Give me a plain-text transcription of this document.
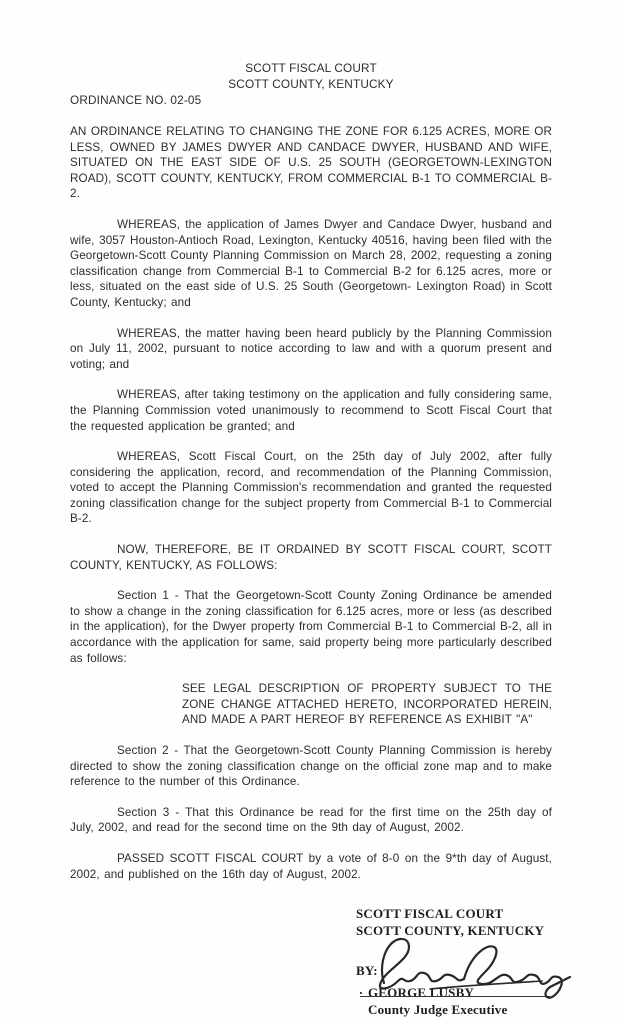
SCOTT FISCAL COURT
SCOTT COUNTY, KENTUCKY
ORDINANCE NO. 02-05

AN ORDINANCE RELATING TO CHANGING THE ZONE FOR 6.125 ACRES, MORE OR LESS, OWNED BY JAMES DWYER AND CANDACE DWYER, HUSBAND AND WIFE, SITUATED ON THE EAST SIDE OF U.S. 25 SOUTH (GEORGETOWN-LEXINGTON ROAD), SCOTT COUNTY, KENTUCKY, FROM COMMERCIAL B-1 TO COMMERCIAL B-2.

WHEREAS, the application of James Dwyer and Candace Dwyer, husband and wife, 3057 Houston-Antioch Road, Lexington, Kentucky 40516, having been filed with the Georgetown-Scott County Planning Commission on March 28, 2002, requesting a zoning classification change from Commercial B-1 to Commercial B-2 for 6.125 acres, more or less, situated on the east side of U.S. 25 South (Georgetown- Lexington Road) in Scott County, Kentucky; and

WHEREAS, the matter having been heard publicly by the Planning Commission on July 11, 2002, pursuant to notice according to law and with a quorum present and voting; and

WHEREAS, after taking testimony on the application and fully considering same, the Planning Commission voted unanimously to recommend to Scott Fiscal Court that the requested application be granted; and

WHEREAS, Scott Fiscal Court, on the 25th day of July 2002, after fully considering the application, record, and recommendation of the Planning Commission, voted to accept the Planning Commission's recommendation and granted the requested zoning classification change for the subject property from Commercial B-1 to Commercial B-2.

NOW, THEREFORE, BE IT ORDAINED BY SCOTT FISCAL COURT, SCOTT COUNTY, KENTUCKY, AS FOLLOWS:

Section 1 - That the Georgetown-Scott County Zoning Ordinance be amended to show a change in the zoning classification for 6.125 acres, more or less (as described in the application), for the Dwyer property from Commercial B-1 to Commercial B-2, all in accordance with the application for same, said property being more particularly described as follows:

SEE LEGAL DESCRIPTION OF PROPERTY SUBJECT TO THE ZONE CHANGE ATTACHED HERETO, INCORPORATED HEREIN, AND MADE A PART HEREOF BY REFERENCE AS EXHIBIT "A"

Section 2 - That the Georgetown-Scott County Planning Commission is hereby directed to show the zoning classification change on the official zone map and to make reference to the number of this Ordinance.

Section 3 - That this Ordinance be read for the first time on the 25th day of July, 2002, and read for the second time on the 9th day of August, 2002.

PASSED SCOTT FISCAL COURT by a vote of 8-0 on the 9*th day of August, 2002, and published on the 16th day of August, 2002.

SCOTT FISCAL COURT
SCOTT COUNTY, KENTUCKY
BY:
· GEORGE LUSBY
County Judge Executive
